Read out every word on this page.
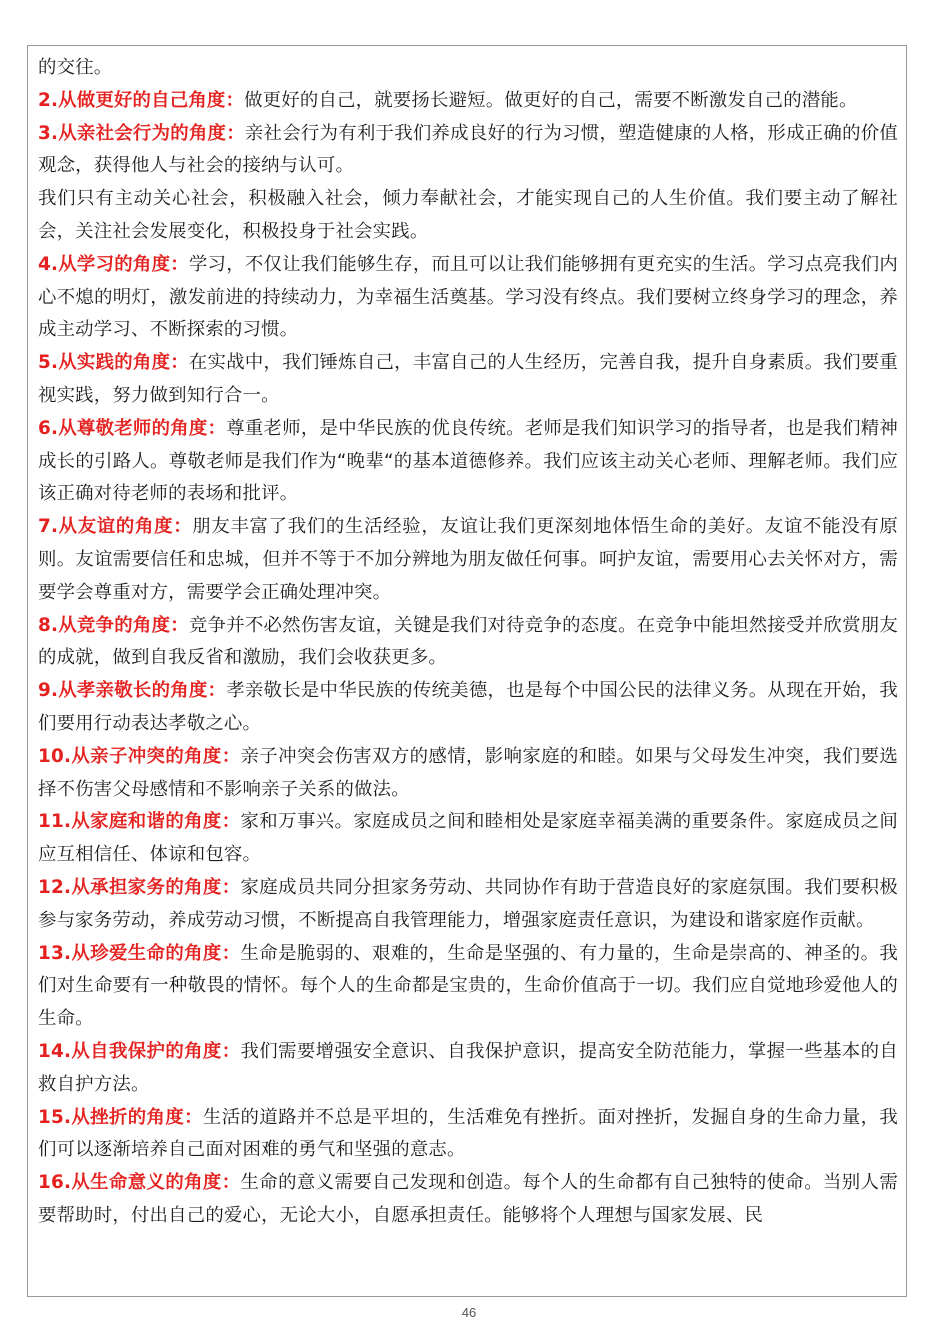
的交往。

2.从做更好的自己角度：做更好的自己，就要扬长避短。做更好的自己，需要不断激发自己的潜能。

3.从亲社会行为的角度：亲社会行为有利于我们养成良好的行为习惯，塑造健康的人格，形成正确的价值观念，获得他人与社会的接纳与认可。

我们只有主动关心社会，积极融入社会，倾力奉献社会，才能实现自己的人生价值。我们要主动了解社会，关注社会发展变化，积极投身于社会实践。

4.从学习的角度：学习，不仅让我们能够生存，而且可以让我们能够拥有更充实的生活。学习点亮我们内心不熄的明灯，激发前进的持续动力，为幸福生活奠基。学习没有终点。我们要树立终身学习的理念，养成主动学习、不断探索的习惯。

5.从实践的角度：在实战中，我们锤炼自己，丰富自己的人生经历，完善自我，提升自身素质。我们要重视实践，努力做到知行合一。

6.从尊敬老师的角度：尊重老师，是中华民族的优良传统。老师是我们知识学习的指导者，也是我们精神成长的引路人。尊敬老师是我们作为“晚辈“的基本道德修养。我们应该主动关心老师、理解老师。我们应该正确对待老师的表场和批评。

7.从友谊的角度：朋友丰富了我们的生活经验，友谊让我们更深刻地体悟生命的美好。友谊不能没有原则。友谊需要信任和忠城，但并不等于不加分辨地为朋友做任何事。呵护友谊，需要用心去关怀对方，需要学会尊重对方，需要学会正确处理冲突。

8.从竞争的角度：竞争并不必然伤害友谊，关键是我们对待竞争的态度。在竞争中能坦然接受并欣赏朋友的成就，做到自我反省和激励，我们会收获更多。

9.从孝亲敬长的角度：孝亲敬长是中华民族的传统美德，也是每个中国公民的法律义务。从现在开始，我们要用行动表达孝敬之心。

10.从亲子冲突的角度：亲子冲突会伤害双方的感情，影响家庭的和睦。如果与父母发生冲突，我们要选择不伤害父母感情和不影响亲子关系的做法。

11.从家庭和谐的角度：家和万事兴。家庭成员之间和睦相处是家庭幸福美满的重要条件。家庭成员之间应互相信任、体谅和包容。

12.从承担家务的角度：家庭成员共同分担家务劳动、共同协作有助于营造良好的家庭氛围。我们要积极参与家务劳动，养成劳动习惯，不断提高自我管理能力，增强家庭责任意识，为建设和谐家庭作贡献。

13.从珍爱生命的角度：生命是脆弱的、艰难的，生命是坚强的、有力量的，生命是崇高的、神圣的。我们对生命要有一种敬畏的情怀。每个人的生命都是宝贵的，生命价值高于一切。我们应自觉地珍爱他人的生命。

14.从自我保护的角度：我们需要增强安全意识、自我保护意识，提高安全防范能力，掌握一些基本的自救自护方法。

15.从挫折的角度：生活的道路并不总是平坦的，生活难免有挫折。面对挫折，发掘自身的生命力量，我们可以逐渐培养自己面对困难的勇气和坚强的意志。

16.从生命意义的角度：生命的意义需要自己发现和创造。每个人的生命都有自己独特的使命。当别人需要帮助时，付出自己的爱心，无论大小，自愿承担责任。能够将个人理想与国家发展、民

46
